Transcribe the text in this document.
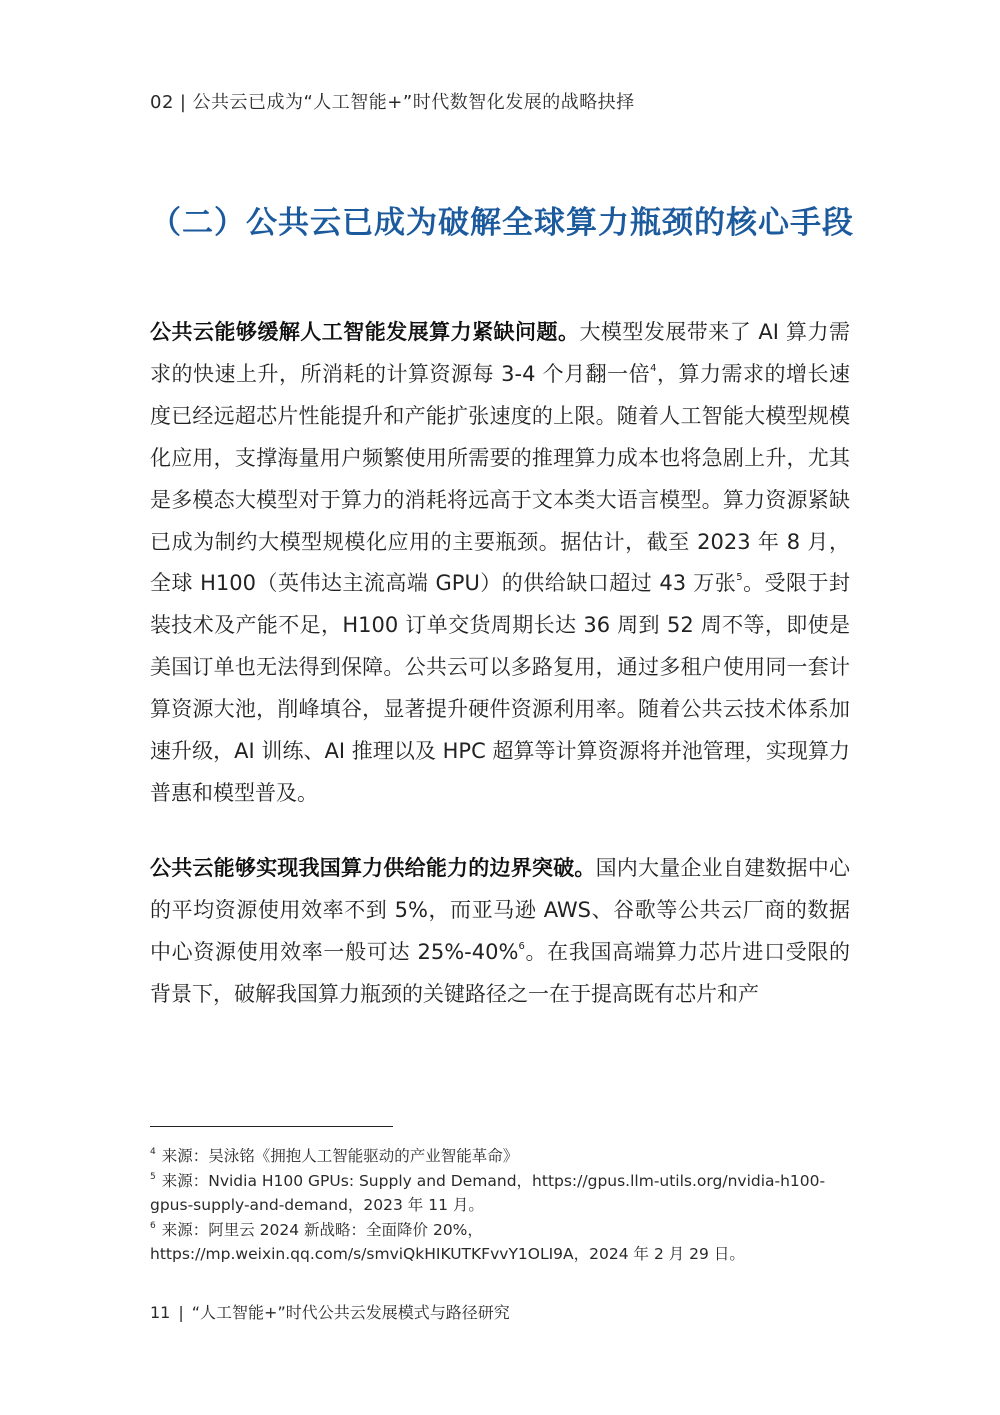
02 | 公共云已成为“人工智能+”时代数智化发展的战略抉择
（二）公共云已成为破解全球算力瓶颈的核心手段

公共云能够缓解人工智能发展算力紧缺问题。大模型发展带来了 AI 算力需求的快速上升，所消耗的计算资源每 3-4 个月翻一倍$^4$，算力需求的增长速度已经远超芯片性能提升和产能扩张速度的上限。随着人工智能大模型规模化应用，支撑海量用户频繁使用所需要的推理算力成本也将急剧上升，尤其是多模态大模型对于算力的消耗将远高于文本类大语言模型。算力资源紧缺已成为制约大模型规模化应用的主要瓶颈。据估计，截至 2023 年 8 月，全球 H100（英伟达主流高端 GPU）的供给缺口超过 43 万张$^5$。受限于封装技术及产能不足，H100 订单交货周期长达 36 周到 52 周不等，即使是美国订单也无法得到保障。公共云可以多路复用，通过多租户使用同一套计算资源大池，削峰填谷，显著提升硬件资源利用率。随着公共云技术体系加速升级，AI 训练、AI 推理以及 HPC 超算等计算资源将并池管理，实现算力普惠和模型普及。

公共云能够实现我国算力供给能力的边界突破。国内大量企业自建数据中心的平均资源使用效率不到 5%，而亚马逊 AWS、谷歌等公共云厂商的数据中心资源使用效率一般可达 25%-40%$^6$。在我国高端算力芯片进口受限的背景下，破解我国算力瓶颈的关键路径之一在于提高既有芯片和产

$^4$ 来源：吴泳铭《拥抱人工智能驱动的产业智能革命》

$^5$ 来源：Nvidia H100 GPUs: Supply and Demand，https://gpus.llm-utils.org/nvidia-h100-gpus-supply-and-demand，2023 年 11 月。

$^6$ 来源：阿里云 2024 新战略：全面降价 20%，https://mp.weixin.qq.com/s/smviQkHIKUTKFvvY1OLI9A，2024 年 2 月 29 日。

11 | “人工智能+”时代公共云发展模式与路径研究
